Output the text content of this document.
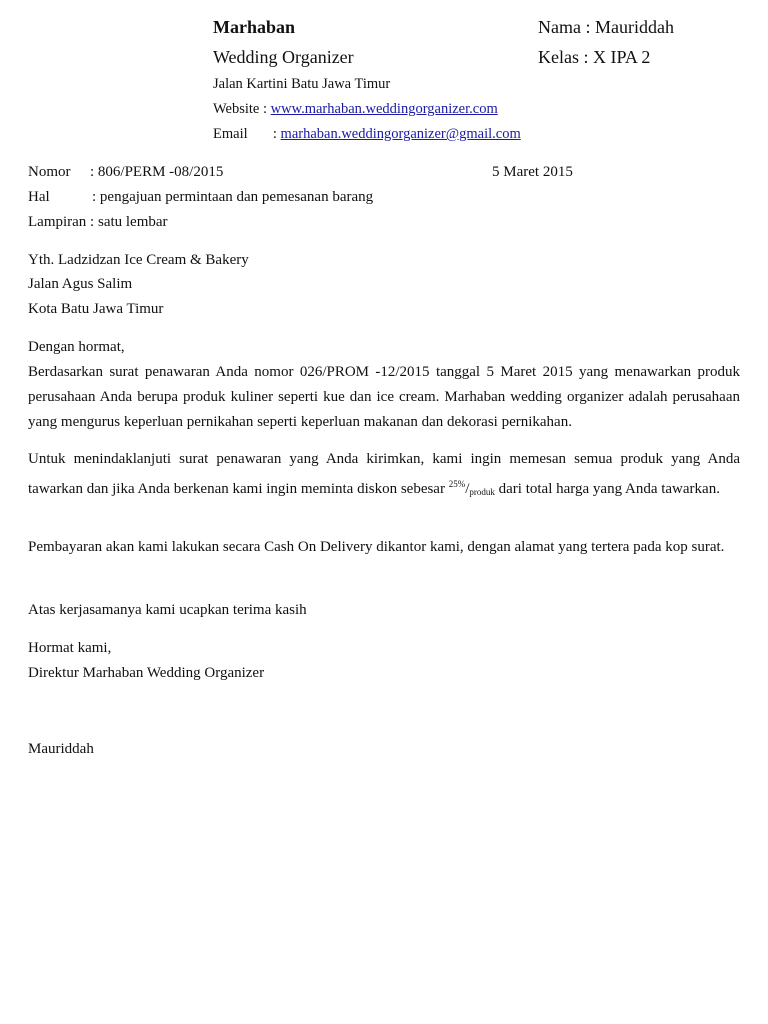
Marhaban
Wedding Organizer
Jalan Kartini Batu Jawa Timur
Website : www.marhaban.weddingorganizer.com
Email : marhaban.weddingorganizer@gmail.com
Nama : Mauriddah
Kelas : X IPA 2
Nomor : 806/PERM -08/2015	5 Maret 2015
Hal	: pengajuan permintaan dan pemesanan barang
Lampiran : satu lembar
Yth. Ladzidzan Ice Cream & Bakery
Jalan Agus Salim
Kota Batu Jawa Timur
Dengan hormat,
Berdasarkan surat penawaran Anda nomor 026/PROM -12/2015 tanggal 5 Maret 2015 yang menawarkan produk perusahaan Anda berupa produk kuliner seperti kue dan ice cream. Marhaban wedding organizer adalah perusahaan yang mengurus keperluan pernikahan seperti keperluan makanan dan dekorasi pernikahan.
Untuk menindaklanjuti surat penawaran yang Anda kirimkan, kami ingin memesan semua produk yang Anda tawarkan dan jika Anda berkenan kami ingin meminta diskon sebesar $^{25\%}/_{produk}$ dari total harga yang Anda tawarkan.
Pembayaran akan kami lakukan secara Cash On Delivery dikantor kami, dengan alamat yang tertera pada kop surat.
Atas kerjasamanya kami ucapkan terima kasih
Hormat kami,
Direktur Marhaban Wedding Organizer
Mauriddah
